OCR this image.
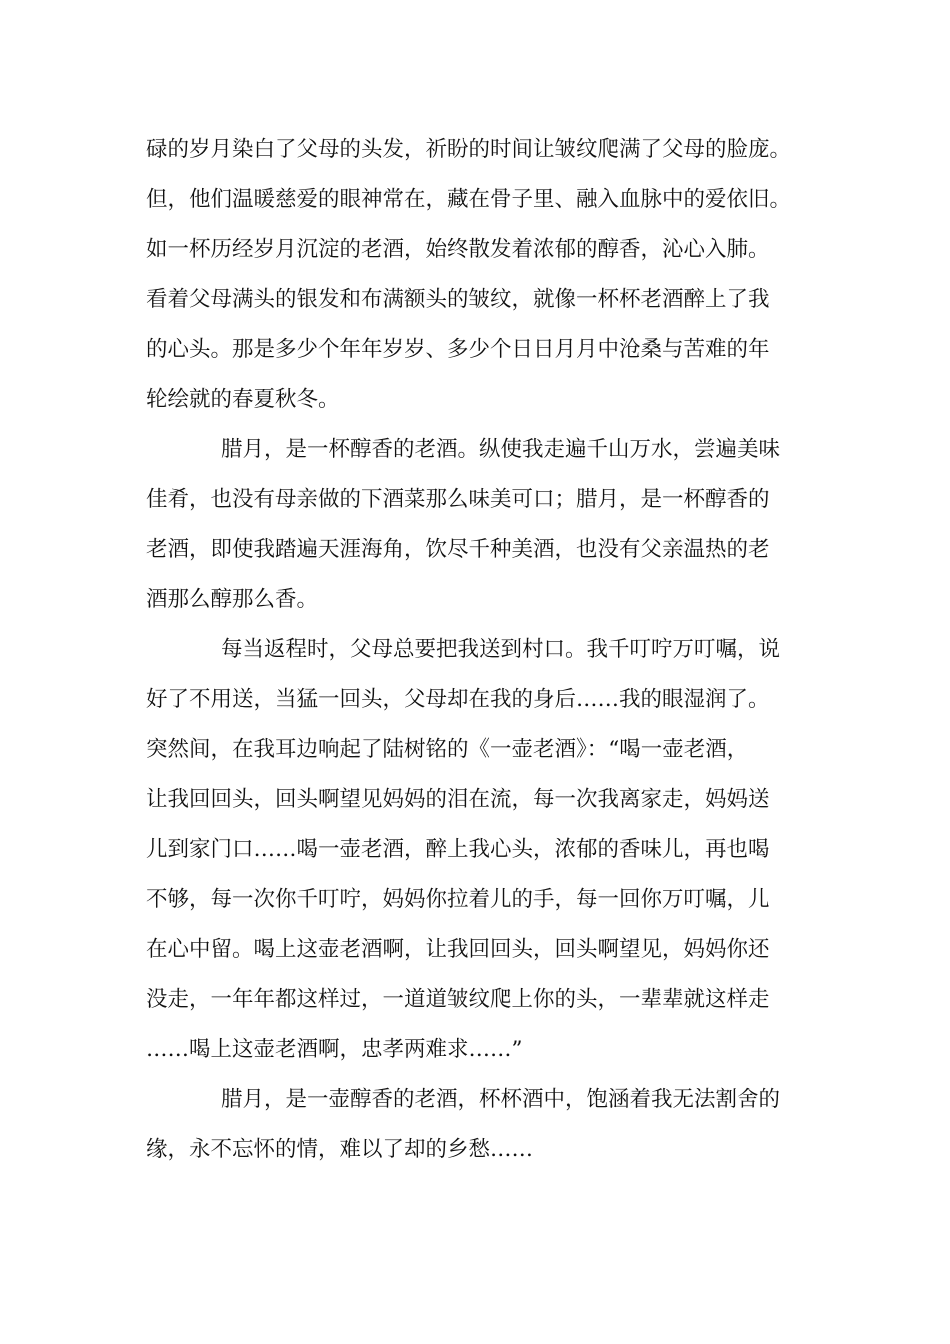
碌的岁月染白了父母的头发，祈盼的时间让皱纹爬满了父母的脸庞。
但，他们温暖慈爱的眼神常在，藏在骨子里、融入血脉中的爱依旧。
如一杯历经岁月沉淀的老酒，始终散发着浓郁的醇香，沁心入肺。
看着父母满头的银发和布满额头的皱纹，就像一杯杯老酒醉上了我
的心头。那是多少个年年岁岁、多少个日日月月中沧桑与苦难的年
轮绘就的春夏秋冬。
腊月，是一杯醇香的老酒。纵使我走遍千山万水，尝遍美味
佳肴，也没有母亲做的下酒菜那么味美可口；腊月，是一杯醇香的
老酒，即使我踏遍天涯海角，饮尽千种美酒，也没有父亲温热的老
酒那么醇那么香。
每当返程时，父母总要把我送到村口。我千叮咛万叮嘱，说
好了不用送，当猛一回头，父母却在我的身后……我的眼湿润了。
突然间，在我耳边响起了陆树铭的《一壶老酒》：“喝一壶老酒，
让我回回头，回头啊望见妈妈的泪在流，每一次我离家走，妈妈送
儿到家门口……喝一壶老酒，醉上我心头，浓郁的香味儿，再也喝
不够，每一次你千叮咛，妈妈你拉着儿的手，每一回你万叮嘱，儿
在心中留。喝上这壶老酒啊，让我回回头，回头啊望见，妈妈你还
没走，一年年都这样过，一道道皱纹爬上你的头，一辈辈就这样走
……喝上这壶老酒啊，忠孝两难求……”
腊月，是一壶醇香的老酒，杯杯酒中，饱涵着我无法割舍的
缘，永不忘怀的情，难以了却的乡愁……
